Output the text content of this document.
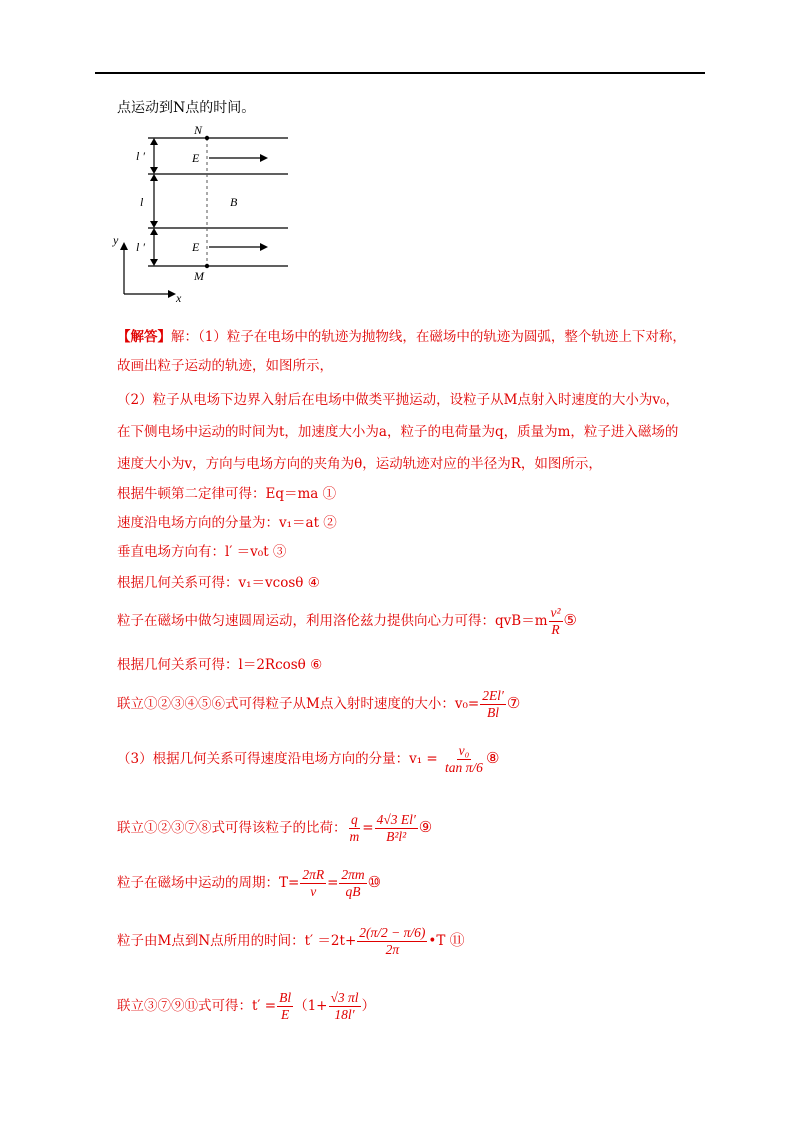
点运动到N点的时间。
N
M
E
E
B
l ′
l
l ′
x
y
【解答】解：（1）粒子在电场中的轨迹为抛物线，在磁场中的轨迹为圆弧，整个轨迹上下对称，
故画出粒子运动的轨迹，如图所示，
（2）粒子从电场下边界入射后在电场中做类平抛运动，设粒子从M点射入时速度的大小为v₀，
在下侧电场中运动的时间为t，加速度大小为a，粒子的电荷量为q，质量为m，粒子进入磁场的
速度大小为v，方向与电场方向的夹角为θ，运动轨迹对应的半径为R，如图所示，
根据牛顿第二定律可得：Eq＝ma ①
速度沿电场方向的分量为：v₁＝at ②
垂直电场方向有：l′ ＝v₀t ③
根据几何关系可得：v₁＝vcosθ ④
粒子在磁场中做匀速圆周运动，利用洛伦兹力提供向心力可得：$qvB=m \frac{\text{v²}}{R}$ ⑤
根据几何关系可得：l＝2Rcosθ ⑥
联立①②③④⑤⑥式可得粒子从M点入射时速度的大小：$v_0= \frac{2El'}{Bl}$ ⑦
（3）根据几何关系可得速度沿电场方向的分量：$v_1 = \frac{\text{v₀}}{\text{tan π/6}}$ ⑧
联立①②③⑦⑧式可得该粒子的比荷： $\frac{q}{m} = \frac{4√3 El'}{\text{B²l²}}$ ⑨
粒子在磁场中运动的周期：$T= \frac{2\pi R}{v} = \frac{2\pi m}{qB}$ ⑩
粒子由M点到N点所用的时间：$t' =2t+ \frac{2(\pi/2 - \pi/6)}{2\pi}$ •T ⑪
联立③⑦⑨⑪式可得：$t' = \frac{Bl}{E} (1+ \frac{√3 \pi l}{18l'}$ ）
